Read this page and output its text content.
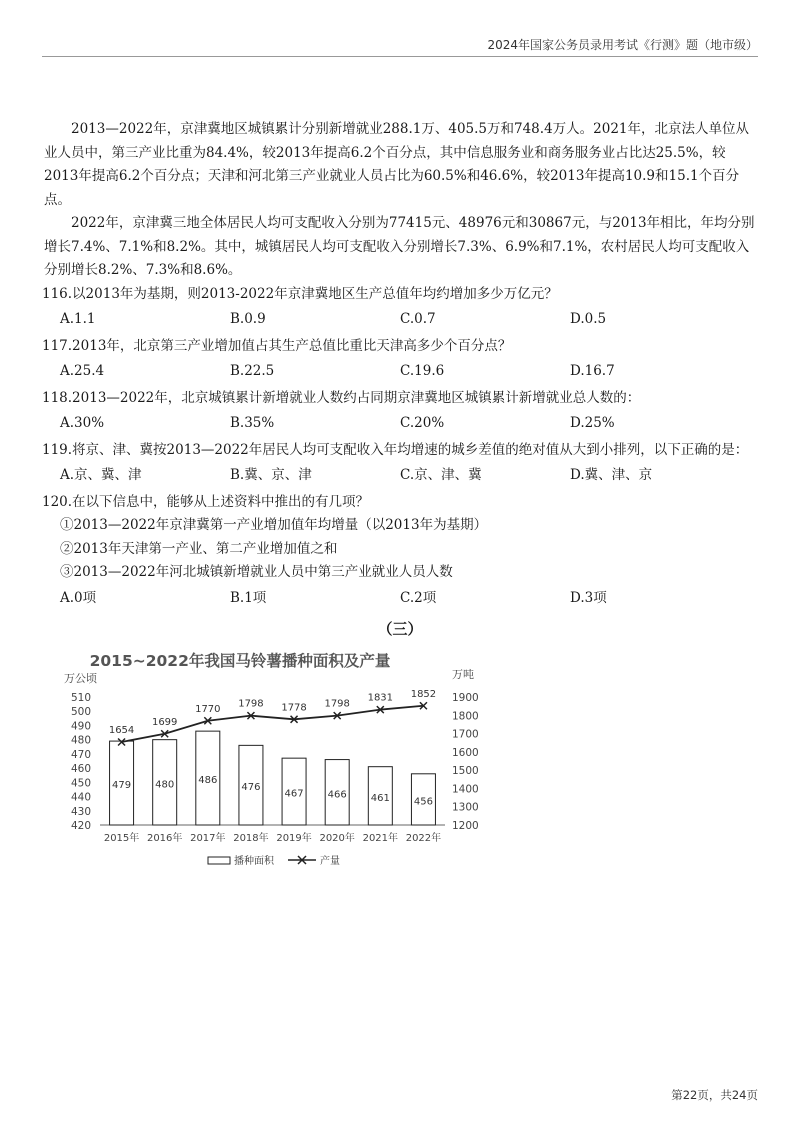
2024年国家公务员录用考试《行测》题（地市级）

2013—2022年，京津冀地区城镇累计分别新增就业288.1万、405.5万和748.4万人。2021年，北京法人单位从业人员中，第三产业比重为84.4%，较2013年提高6.2个百分点，其中信息服务业和商务服务业占比达25.5%，较2013年提高6.2个百分点；天津和河北第三产业就业人员占比为60.5%和46.6%，较2013年提高10.9和15.1个百分点。

2022年，京津冀三地全体居民人均可支配收入分别为77415元、48976元和30867元，与2013年相比，年均分别增长7.4%、7.1%和8.2%。其中，城镇居民人均可支配收入分别增长7.3%、6.9%和7.1%，农村居民人均可支配收入分别增长8.2%、7.3%和8.6%。

116.以2013年为基期，则2013-2022年京津冀地区生产总值年均约增加多少万亿元？

A.1.1	B.0.9	C.0.7	D.0.5

117.2013年，北京第三产业增加值占其生产总值比重比天津高多少个百分点？

A.25.4	B.22.5	C.19.6	D.16.7

118.2013—2022年，北京城镇累计新增就业人数约占同期京津冀地区城镇累计新增就业总人数的：

A.30%	B.35%	C.20%	D.25%

119.将京、津、冀按2013—2022年居民人均可支配收入年均增速的城乡差值的绝对值从大到小排列，以下正确的是：

A.京、冀、津	B.冀、京、津	C.京、津、冀	D.冀、津、京

120.在以下信息中，能够从上述资料中推出的有几项？

①2013—2022年京津冀第一产业增加值年均增量（以2013年为基期）

②2013年天津第一产业、第二产业增加值之和

③2013—2022年河北城镇新增就业人员中第三产业就业人员人数

A.0项	B.1项	C.2项	D.3项

（三）

2015~2022年我国马铃薯播种面积及产量
万公顷	万吨
420
430
440
450
460
470
480
490
500
510
1200
1300
1400
1500
1600
1700
1800
1900
479 480 486
476
467 466 461 456
1654
1699
1770 1798 1778 1798
1831 1852
2015年 2016年 2017年 2018年 2019年 2020年 2021年 2022年
播种面积	产量
第22页，共24页
